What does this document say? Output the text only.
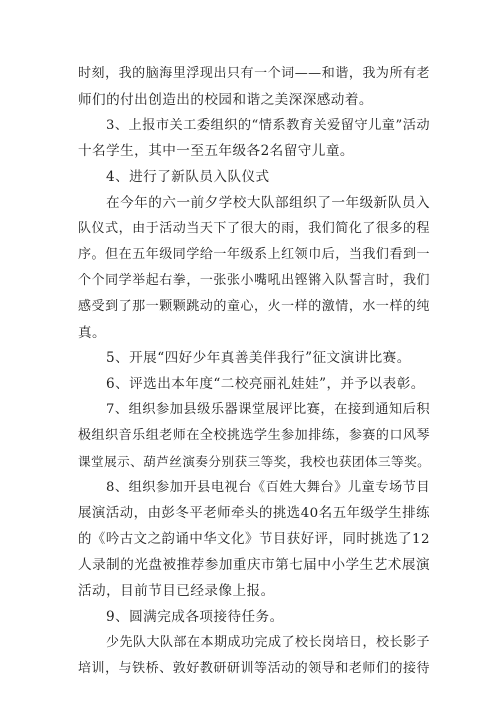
时刻，我的脑海里浮现出只有一个词——和谐，我为所有老
师们的付出创造出的校园和谐之美深深感动着。
3、上报市关工委组织的“情系教育关爱留守儿童”活动
十名学生，其中一至五年级各2名留守儿童。
4、进行了新队员入队仪式
在今年的六一前夕学校大队部组织了一年级新队员入
队仪式，由于活动当天下了很大的雨，我们简化了很多的程
序。但在五年级同学给一年级系上红领巾后，当我们看到一
个个同学举起右拳，一张张小嘴吼出铿锵入队誓言时，我们
感受到了那一颗颗跳动的童心，火一样的激情，水一样的纯
真。
5、开展“四好少年真善美伴我行”征文演讲比赛。
6、评选出本年度“二校亮丽礼娃娃”，并予以表彰。
7、组织参加县级乐器课堂展评比赛，在接到通知后积
极组织音乐组老师在全校挑选学生参加排练，参赛的口风琴
课堂展示、葫芦丝演奏分别获三等奖，我校也获团体三等奖。
8、组织参加开县电视台《百姓大舞台》儿童专场节目
展演活动，由彭冬平老师牵头的挑选40名五年级学生排练
的《吟古文之韵诵中华文化》节目获好评，同时挑选了12
人录制的光盘被推荐参加重庆市第七届中小学生艺术展演
活动，目前节目已经录像上报。
9、圆满完成各项接待任务。
少先队大队部在本期成功完成了校长岗培日，校长影子
培训，与铁桥、敦好教研研训等活动的领导和老师们的接待
